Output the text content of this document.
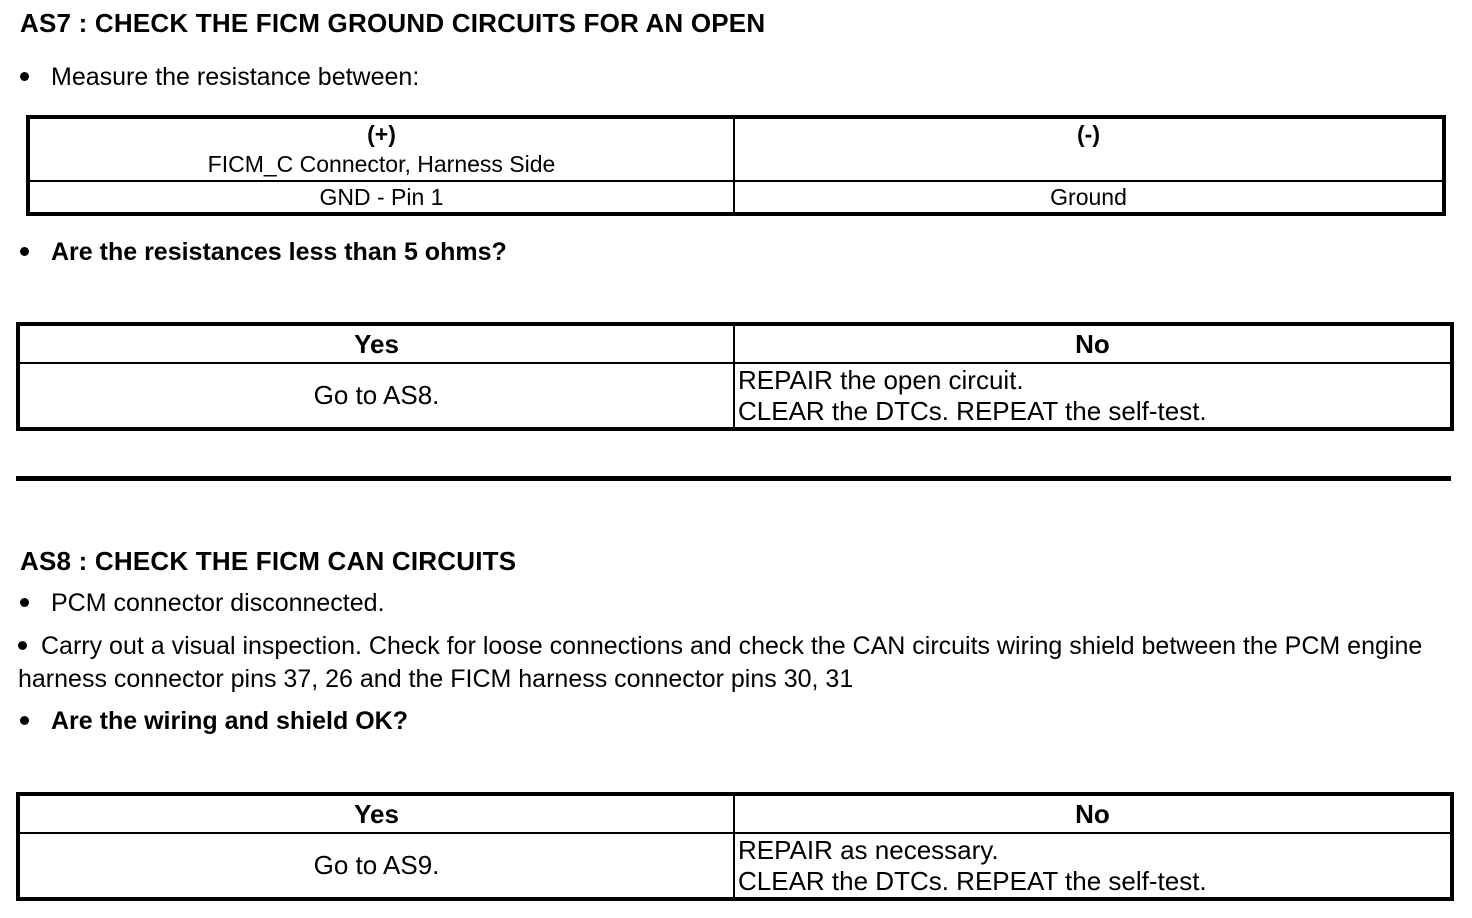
AS7 : CHECK THE FICM GROUND CIRCUITS FOR AN OPEN
Measure the resistance between:
(+)
FICM_C Connector, Harness Side	(-)

GND - Pin 1	Ground
Are the resistances less than 5 ohms?
Yes	No
Go to AS8.	REPAIR the open circuit.
CLEAR the DTCs. REPEAT the self-test.
AS8 : CHECK THE FICM CAN CIRCUITS
PCM connector disconnected.
Carry out a visual inspection. Check for loose connections and check the CAN circuits wiring shield between the PCM engine harness connector pins 37, 26 and the FICM harness connector pins 30, 31
Are the wiring and shield OK?
Yes	No
Go to AS9.	REPAIR as necessary.
CLEAR the DTCs. REPEAT the self-test.
